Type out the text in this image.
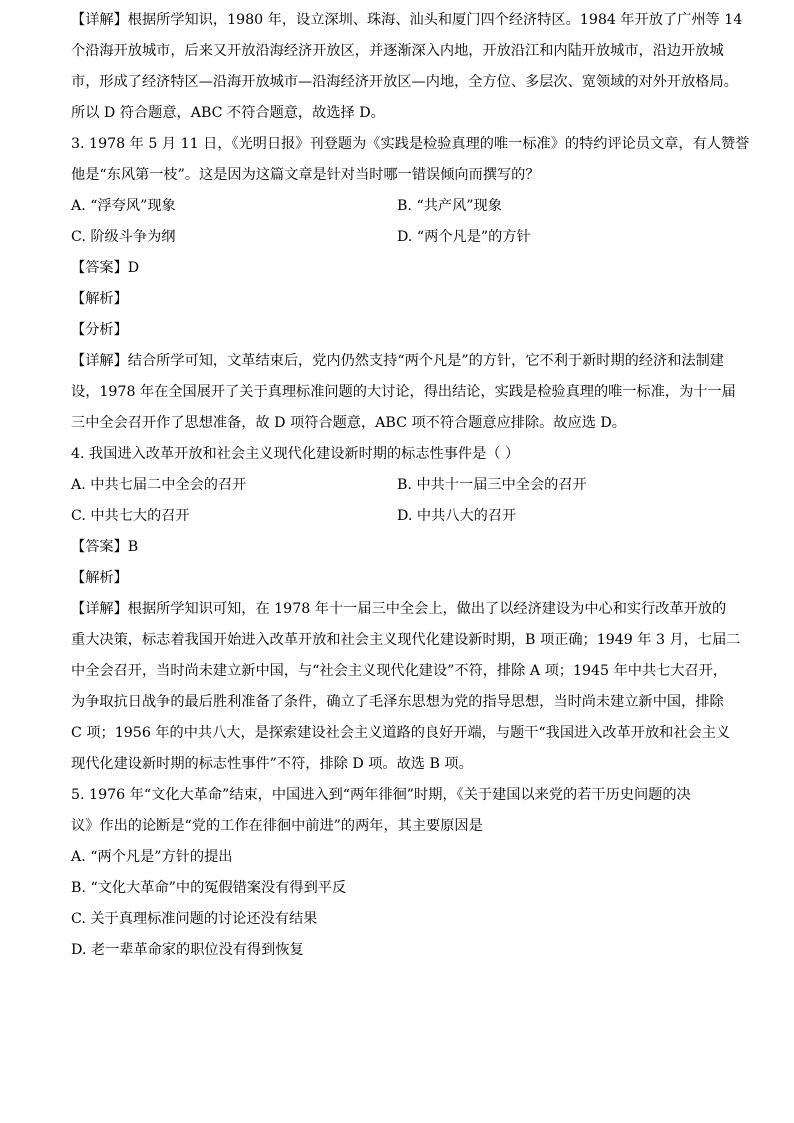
【详解】根据所学知识，1980 年，设立深圳、珠海、汕头和厦门四个经济特区。1984 年开放了广州等 14
个沿海开放城市，后来又开放沿海经济开放区，并逐渐深入内地，开放沿江和内陆开放城市，沿边开放城
市，形成了经济特区—沿海开放城市—沿海经济开放区—内地，全方位、多层次、宽领域的对外开放格局。
所以 D 符合题意，ABC 不符合题意，故选择 D。
3. 1978 年 5 月 11 日，《光明日报》刊登题为《实践是检验真理的唯一标准》的特约评论员文章，有人赞誉
他是“东风第一枝”。这是因为这篇文章是针对当时哪一错误倾向而撰写的？
A. “浮夸风”现象	B. “共产风”现象
C. 阶级斗争为纲	D. “两个凡是”的方针
【答案】D
【解析】
【分析】
【详解】结合所学可知，文革结束后，党内仍然支持“两个凡是”的方针，它不利于新时期的经济和法制建
设，1978 年在全国展开了关于真理标准问题的大讨论，得出结论，实践是检验真理的唯一标准，为十一届
三中全会召开作了思想准备，故 D 项符合题意，ABC 项不符合题意应排除。故应选 D。
4. 我国进入改革开放和社会主义现代化建设新时期的标志性事件是（ ）
A. 中共七届二中全会的召开	B. 中共十一届三中全会的召开
C. 中共七大的召开	D. 中共八大的召开
【答案】B
【解析】
【详解】根据所学知识可知，在 1978 年十一届三中全会上，做出了以经济建设为中心和实行改革开放的
重大决策，标志着我国开始进入改革开放和社会主义现代化建设新时期，B 项正确；1949 年 3 月，七届二
中全会召开，当时尚未建立新中国，与“社会主义现代化建设”不符，排除 A 项；1945 年中共七大召开，
为争取抗日战争的最后胜利准备了条件，确立了毛泽东思想为党的指导思想，当时尚未建立新中国，排除
C 项；1956 年的中共八大，是探索建设社会主义道路的良好开端，与题干“我国进入改革开放和社会主义
现代化建设新时期的标志性事件”不符，排除 D 项。故选 B 项。
5. 1976 年“文化大革命”结束，中国进入到“两年徘徊”时期，《关于建国以来党的若干历史问题的决
议》作出的论断是“党的工作在徘徊中前进”的两年，其主要原因是
A. “两个凡是”方针的提出
B. “文化大革命”中的冤假错案没有得到平反
C. 关于真理标准问题的讨论还没有结果
D. 老一辈革命家的职位没有得到恢复
